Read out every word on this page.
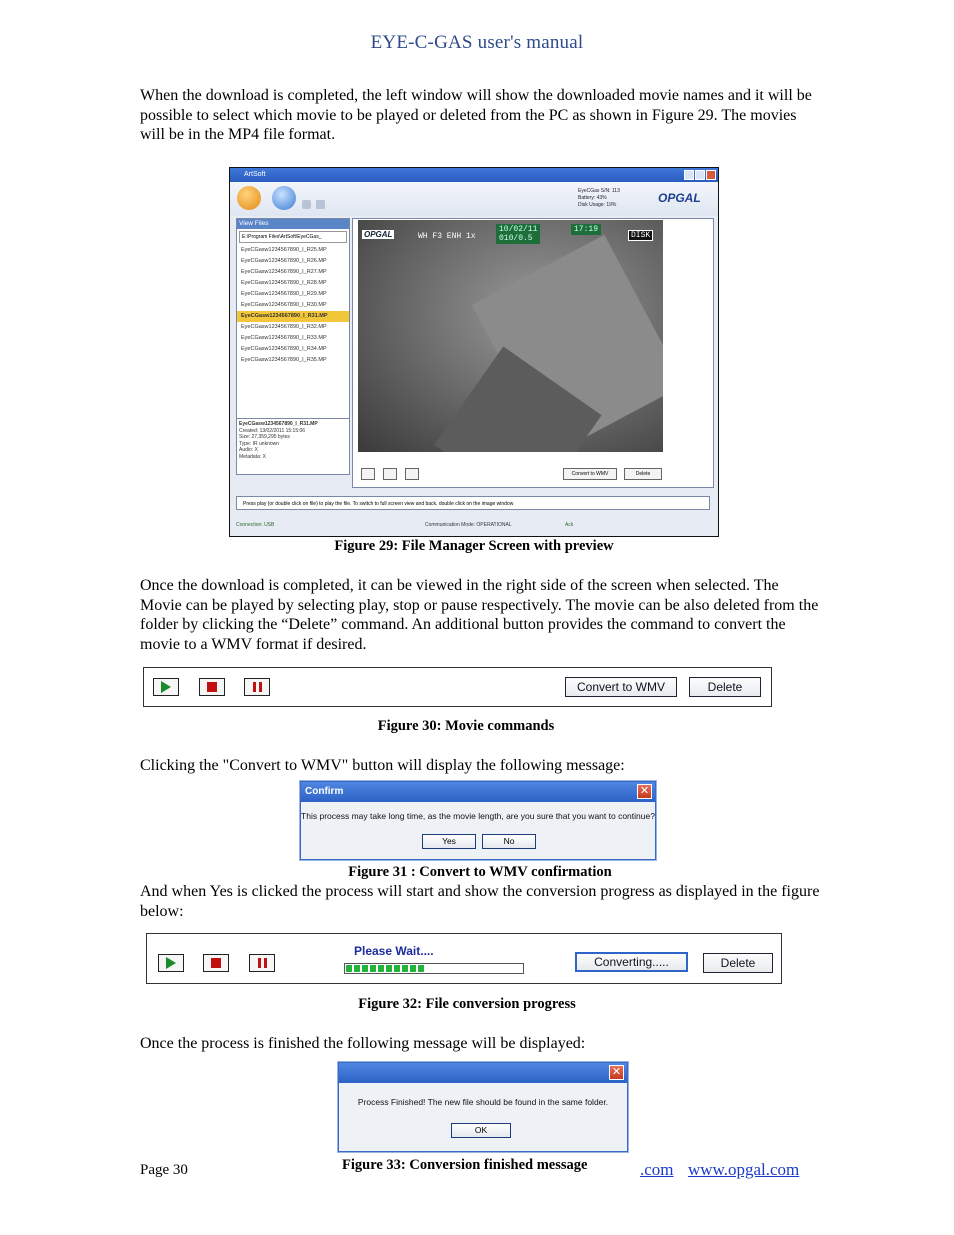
EYE-C-GAS user's manual
When the download is completed, the left window will show the downloaded movie names and it will be possible to select which movie to be played or deleted from the PC as shown in Figure 29. The movies will be in the MP4 file format.
ArtSoft
EyeCGas S/N: 113
Battery: 43%
Disk Usage: 19%	OPGAL
View Files
E:\Program Files\ArtSoft\EyeCGas_
EyeCGasw1234567890_I_R25.MP
EyeCGasw1234567890_I_R26.MP
EyeCGasw1234567890_I_R27.MP
EyeCGasw1234567890_I_R28.MP
EyeCGasw1234567890_I_R29.MP
EyeCGasw1234567890_I_R30.MP
EyeCGasw1234567890_I_R31.MP
EyeCGasw1234567890_I_R32.MP
EyeCGasw1234567890_I_R33.MP
EyeCGasw1234567890_I_R34.MP
EyeCGasw1234567890_I_R35.MP
EyeCGasw1234567890_I_R31.MP
Created: 13/02/2011 15:15:06
Size: 27,359,295 bytes
Type: IR unknown
Audio: X
Metadata: X
OPGAL	WH F3 ENH 1x
10/02/11
010/0.5
17:19
DISK
Convert to WMV	Delete
Press play (or double click on file) to play the file. To switch to full screen view and back, double click on the image window
Connection: USB	Communication Mode: OPERATIONAL	Ack
Figure 29: File Manager Screen with preview
Once the download is completed, it can be viewed in the right side of the screen when selected. The Movie can be played by selecting play, stop or pause respectively. The movie can be also deleted from the folder by clicking the “Delete” command. An additional button provides the command to convert the movie to a WMV format if desired.
Convert to WMV	Delete
Figure 30: Movie commands
Clicking the "Convert to WMV" button will display the following message:
Confirm	✕
This process may take long time, as the movie length, are you sure that you want to continue?
Yes	No
Figure 31 : Convert to WMV confirmation
And when Yes is clicked the process will start and show the conversion progress as displayed in the figure below:
Please Wait....
Converting.....	Delete
Figure 32: File conversion progress
Once the process is finished the following message will be displayed:
✕
Process Finished! The new file should be found in the same folder.
OK
Page 30	Figure 33: Conversion finished message	.com www.opgal.com
